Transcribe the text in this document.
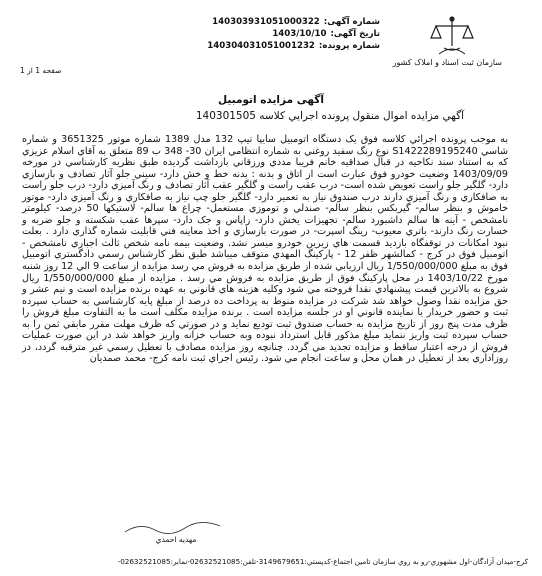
شماره آگهی:
140303931051000322
تاریخ آگهی:
1403/10/10
شماره پرونده:
140304031051001232
سازمان ثبت اسناد و املاک کشور
صفحه 1 از 1
آگهی مزایده اتومبیل
آگهي مزايده اموال منقول پرونده اجرايي كلاسه 140301505
به موجب پرونده اجرائي كلاسه فوق يک دستگاه اتومبيل سايپا تيپ 132 مدل 1389 شماره موتور 3651325 و شماره شاسي S1422289195240 نوع رنگ سفيد روغني به شماره انتظامي ايران 30- 348 ب 89 متعلق به آقاي اسلام عزيزي كه به استناد سند نكاحيه در قبال صداقيه خانم فريبا مددي ورزقاني بازداشت گرديده طبق نظريه كارشناسي در مورخه 1403/09/09 وضعيت خودرو فوق عبارت است از اتاق و بدنه : بدنه خط و خش دارد- سيني جلو آثار تصادف و بازسازي دارد- گلگير جلو راست تعويض شده است- درب عقب راست و گلگير عقب آثار تصادف و رنگ آميزي دارد- درب جلو راست به صافكاري و رنگ آميزي دارند درب صندوق نياز به تعمير دارد- گلگير جلو چپ نياز به صافكاري و رنگ آميزي دارد- موتور خاموش و بنظر سالم- گيربكس بنظر سالم- صندلي و توموزي مستعمل- چراغ ها سالم- لاستيكها 50 درصد- كيلومتر نامشخص - آينه ها سالم داشبورد سالم- تجهيزات يخش دارد- زاپاس و جک دارد- سپرها عقب شكسته و جلو ضربه و خسارت رنگ دارند- باتري معيوب- رينگ اسپرت- در صورت بازسازي و اخذ معاينه فني قابليت شماره گذاري دارد . بعلت نبود امكانات در توقفگاه بازديد قسمت هاي زيرين خودرو ميسر نشد. وضعيت بيمه نامه شخص ثالث اجباري نامشخص - اتومبيل فوق در كرج - كمالشهر ظفر 12 - پاركينگ المهدي متوقف ميباشد طبق نظر كارشناس رسمي دادگستري اتومبيل فوق به مبلغ 1/550/000/000 ريال ارزيابي شده از طريق مزايده به فروش مي رسد مزايده از ساعت 9 الي 12 روز شنبه مورخ 1403/10/22 در محل پاركينگ فوق از طريق مزايده به فروش مي رسد . مزايده از مبلغ 1/550/000/000 ريال شروع به بالاترين قيمت پيشنهادي نقدا فروخته مي شود وكليه هزينه هاي قانوني به عهده برنده مزايده است و نيم عشر و حق مزايده نقدا وصول خواهد شد شركت در مزايده منوط به پرداخت ده درصد از مبلغ پايه كارشناسي به حساب سپرده ثبت و حضور خريدار يا نماينده قانوني او در جلسه مزايده است . برنده مزايده مكلف است ما به التفاوت مبلغ فروش را ظرف مدت پنج روز از تاريخ مزايده به حساب صندوق ثبت توديع نمايد و در صورتي كه ظرف مهلت مقرر مابقي ثمن را به حساب سپرده ثبت واريز ننمايد مبلغ مذكور قابل استرداد نبوده وبه حساب خزانه واريز خواهد شد در اين صورت عمليات فروش از درجه اعتبار ساقط و مزايده تجديد مي گردد. چنانچه روز مزايده مصادف با تعطيل رسمي غير مترقبه گردد، در روزاداري بعد از تعطيل در همان محل و ساعت انجام مي شود. رئيس اجراي ثبت نامه كرج- محمد صمديان
مهديه احمدي
كرج-ميدان آزادگان-اول مشهوري-رو به روي سازمان تامين اجتماع-كدپستي:3149679651-تلفن:02632521085-نمابر:02632521085-
